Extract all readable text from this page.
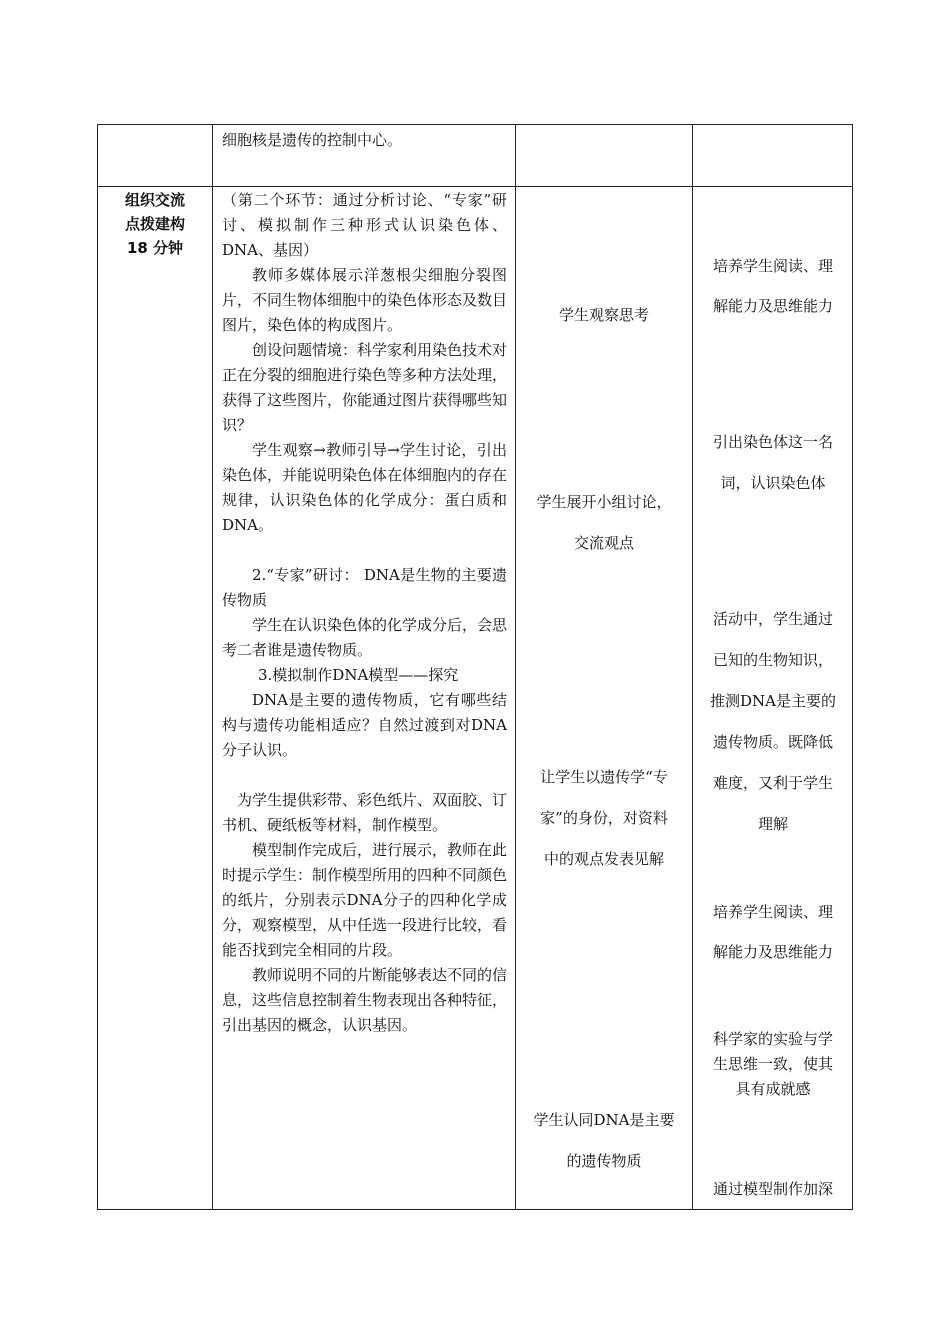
细胞核是遗传的控制中心。

组织交流
点拨建构
18 分钟

（第二个环节：通过分析讨论、“专家”研讨、模拟制作三种形式认识染色体、DNA、基因）

教师多媒体展示洋葱根尖细胞分裂图片，不同生物体细胞中的染色体形态及数目图片，染色体的构成图片。

创设问题情境：科学家利用染色技术对正在分裂的细胞进行染色等多种方法处理，获得了这些图片，你能通过图片获得哪些知识？

学生观察→教师引导→学生讨论，引出染色体，并能说明染色体在体细胞内的存在规律，认识染色体的化学成分：蛋白质和DNA。

2.“专家”研讨： DNA是生物的主要遗传物质

学生在认识染色体的化学成分后，会思考二者谁是遗传物质。

3.模拟制作DNA模型——探究

DNA是主要的遗传物质，它有哪些结构与遗传功能相适应？自然过渡到对DNA分子认识。

为学生提供彩带、彩色纸片、双面胶、订书机、硬纸板等材料，制作模型。

模型制作完成后，进行展示，教师在此时提示学生：制作模型所用的四种不同颜色的纸片，分别表示DNA分子的四种化学成分，观察模型，从中任选一段进行比较，看能否找到完全相同的片段。

教师说明不同的片断能够表达不同的信息，这些信息控制着生物表现出各种特征，引出基因的概念，认识基因。

学生观察思考
学生展开小组讨论，
交流观点
让学生以遗传学“专
家”的身份，对资料
中的观点发表见解
学生认同DNA是主要
的遗传物质
培养学生阅读、理
解能力及思维能力
引出染色体这一名
词，认识染色体
活动中，学生通过
已知的生物知识，
推测DNA是主要的
遗传物质。既降低
难度，又利于学生
理解
培养学生阅读、理
解能力及思维能力
科学家的实验与学
生思维一致，使其
具有成就感
通过模型制作加深
